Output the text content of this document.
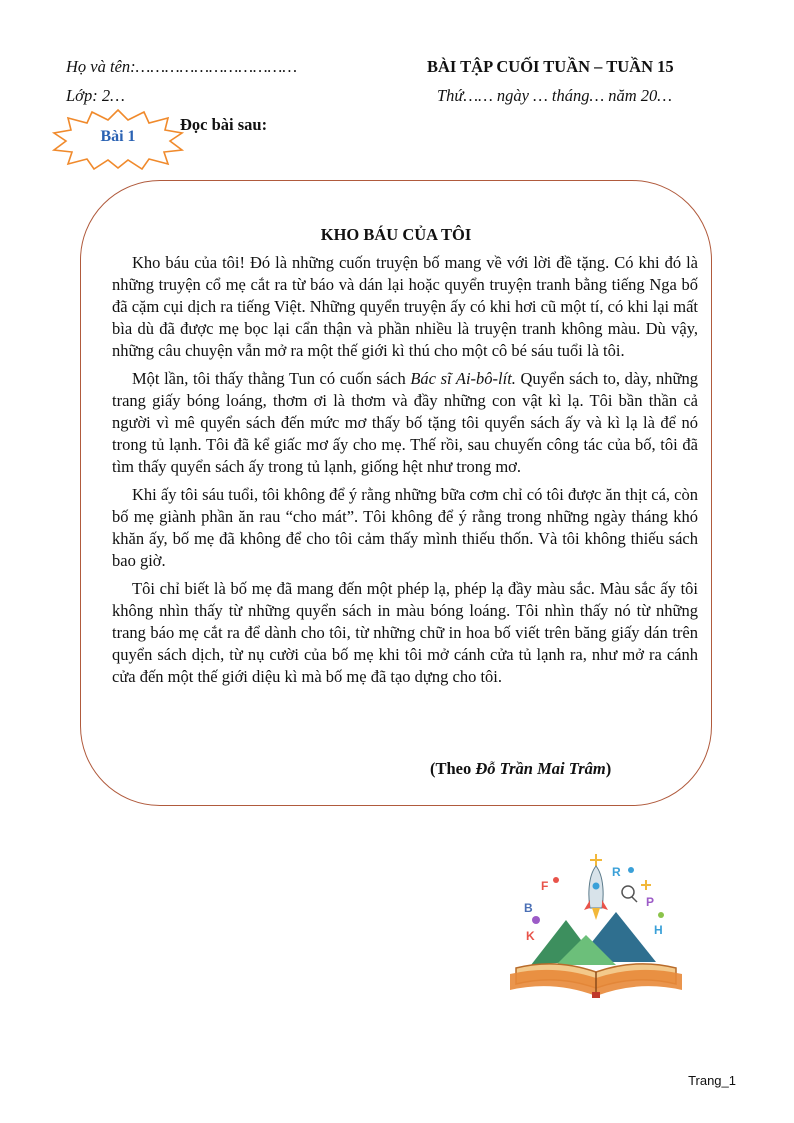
Họ và tên:……………………………	BÀI TẬP CUỐI TUẦN – TUẦN 15
Lớp: 2…	Thứ…… ngày … tháng… năm 20…
Bài 1
Đọc bài sau:
KHO BÁU CỦA TÔI

Kho báu của tôi! Đó là những cuốn truyện bố mang về với lời đề tặng. Có khi đó là những truyện cổ mẹ cắt ra từ báo và dán lại hoặc quyển truyện tranh bằng tiếng Nga bố đã cặm cụi dịch ra tiếng Việt. Những quyển truyện ấy có khi hơi cũ một tí, có khi lại mất bìa dù đã được mẹ bọc lại cẩn thận và phần nhiều là truyện tranh không màu. Dù vậy, những câu chuyện vẫn mở ra một thế giới kì thú cho một cô bé sáu tuổi là tôi.

Một lần, tôi thấy thằng Tun có cuốn sách Bác sĩ Ai-bô-lít. Quyển sách to, dày, những trang giấy bóng loáng, thơm ơi là thơm và đầy những con vật kì lạ. Tôi bần thần cả người vì mê quyển sách đến mức mơ thấy bố tặng tôi quyển sách ấy và kì lạ là để nó trong tủ lạnh. Tôi đã kể giấc mơ ấy cho mẹ. Thế rồi, sau chuyến công tác của bố, tôi đã tìm thấy quyển sách ấy trong tủ lạnh, giống hệt như trong mơ.

Khi ấy tôi sáu tuổi, tôi không để ý rằng những bữa cơm chỉ có tôi được ăn thịt cá, còn bố mẹ giành phần ăn rau “cho mát”. Tôi không để ý rằng trong những ngày tháng khó khăn ấy, bố mẹ đã không để cho tôi cảm thấy mình thiếu thốn. Và tôi không thiếu sách bao giờ.

Tôi chỉ biết là bố mẹ đã mang đến một phép lạ, phép lạ đầy màu sắc. Màu sắc ấy tôi không nhìn thấy từ những quyển sách in màu bóng loáng. Tôi nhìn thấy nó từ những trang báo mẹ cắt ra để dành cho tôi, từ những chữ in hoa bố viết trên băng giấy dán trên quyển sách dịch, từ nụ cười của bố mẹ khi tôi mở cánh cửa tủ lạnh ra, như mở ra cánh cửa đến một thế giới diệu kì mà bố mẹ đã tạo dựng cho tôi.

(Theo Đỗ Trần Mai Trâm)
F
R
B	P
K	H
Trang_1
